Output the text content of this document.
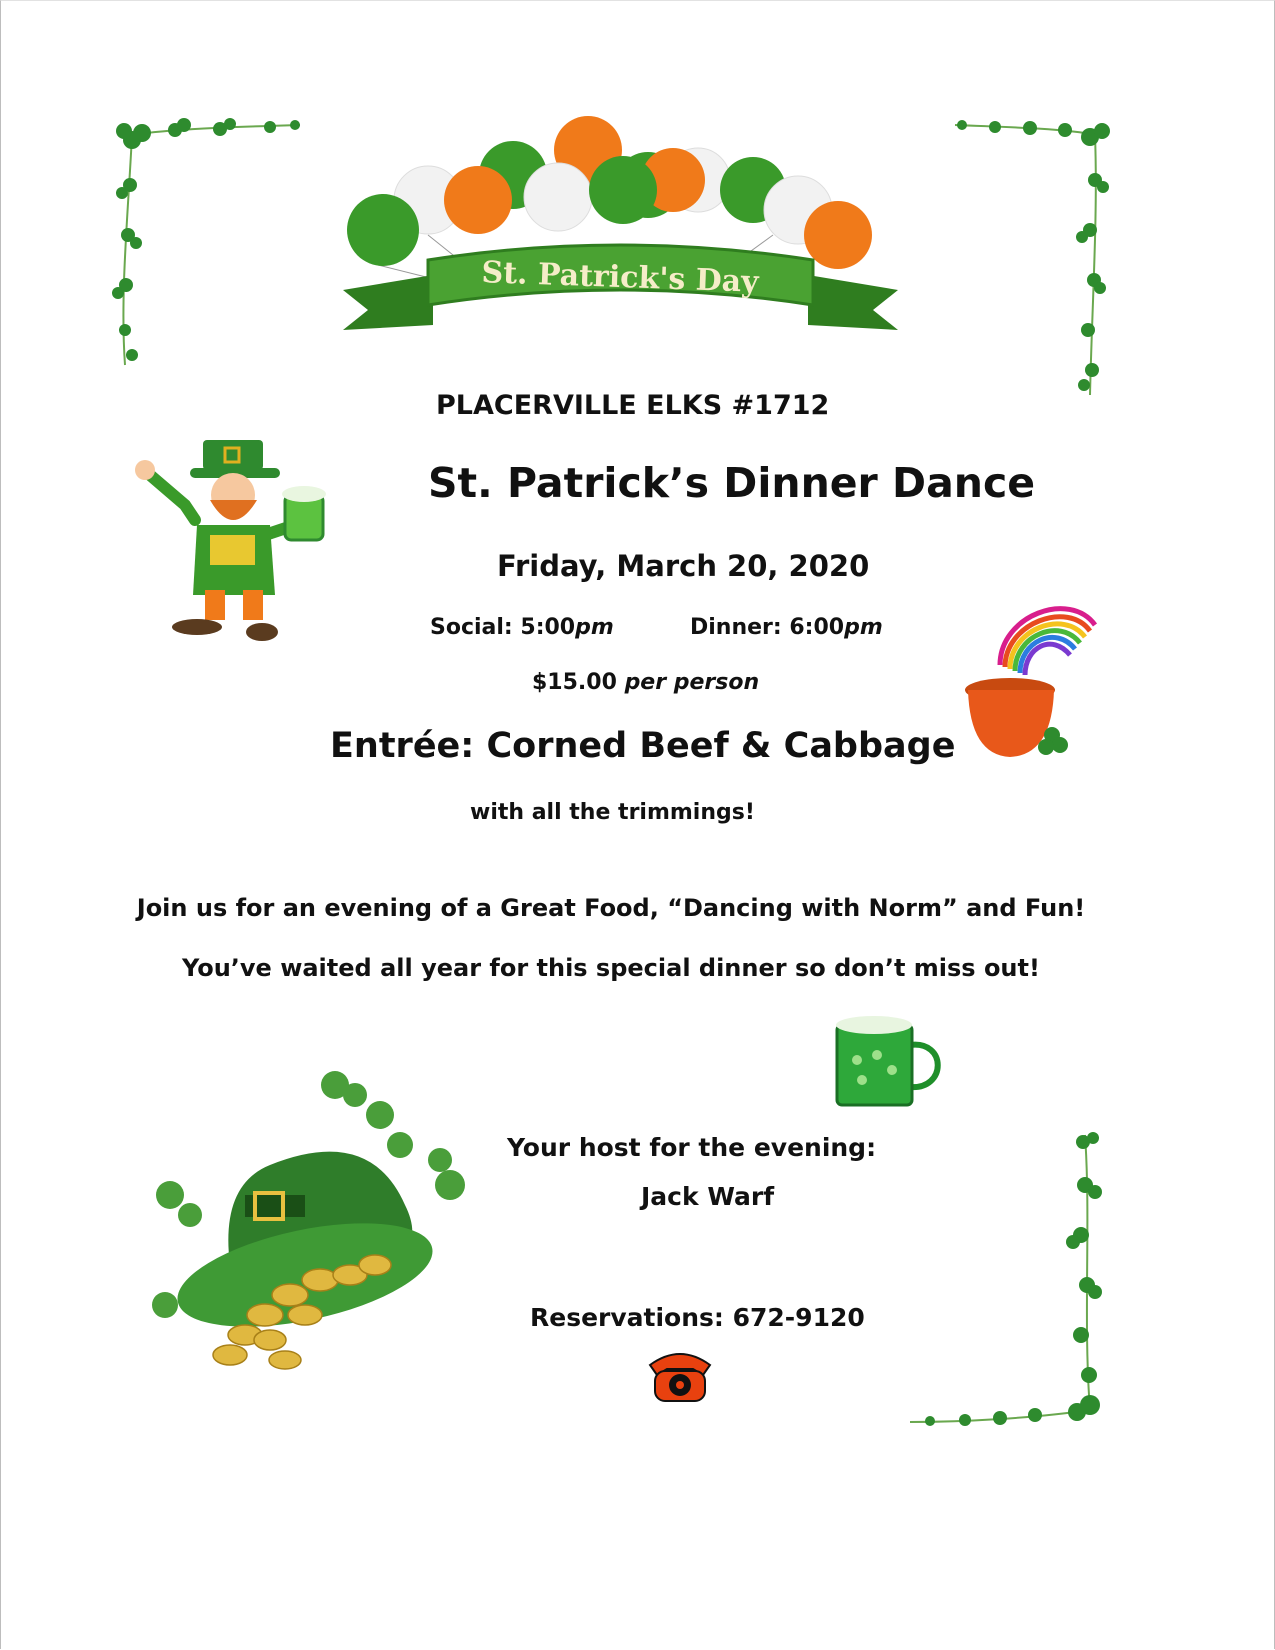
St. Patrick's Day
PLACERVILLE ELKS #1712
St. Patrick’s Dinner Dance
Friday, March 20, 2020
Social: 5:00pm	Dinner: 6:00pm
$15.00 per person
Entrée: Corned Beef & Cabbage
with all the trimmings!
Join us for an evening of a Great Food, “Dancing with Norm” and Fun!
You’ve waited all year for this special dinner so don’t miss out!
Your host for the evening:
Jack Warf
Reservations: 672-9120
